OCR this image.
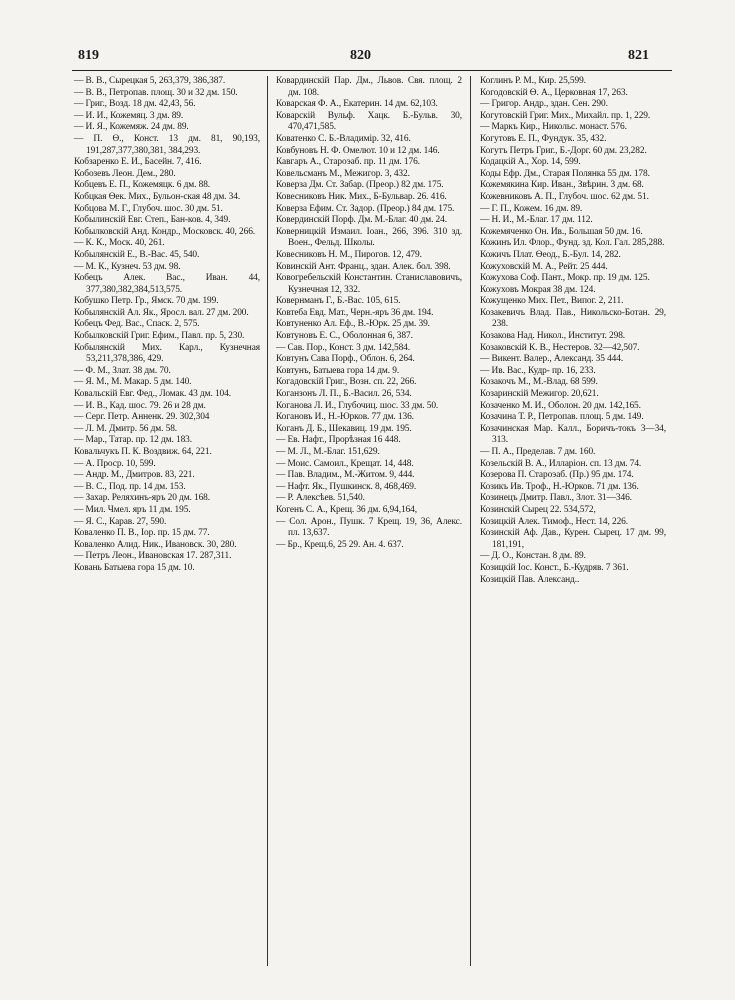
819	820	821

— В. В., Сырецкая 5, 263,379, 386,387.

— В. В., Петропав. площ. 30 и 32 дм. 150.

— Григ., Возд. 18 дм. 42,43, 56.

— И. И., Кожемяц. 3 дм. 89.

— И. Я., Кожемяж. 24 дм. 89.

— П. Ѳ., Конст. 13 дм. 81, 90,193, 191,287,377,380,381, 384,293.

Кобзаренко Е. И., Басейн. 7, 416.

Кобозевъ Леон. Дем., 280.

Кобцевъ Е. П., Кожемяцк. 6 дм. 88.

Кобцкая Ѳек. Мих., Бульон-ская 48 дм. 34.

Кобцова М. Г., Глубоч. шос. 30 дм. 51.

Кобылинскій Евг. Степ., Бан-ков. 4, 349.

Кобылковскій Анд. Кондр., Московск. 40, 266.

— К. К., Моск. 40, 261.

Кобылянскій Е., В.-Вас. 45, 540.

— М. К., Кузнеч. 53 дм. 98.

Кобецъ Алек. Вас., Иван. 44, 377,380,382,384,513,575.

Кобушко Петр. Гр., Ямск. 70 дм. 199.

Кобылянскій Ал. Як., Яросл. вал. 27 дм. 200.

Кобецъ Фед. Вас., Спаск. 2, 575.

Кобылковскій Григ. Ефим., Павл. пр. 5, 230.

Кобылянскій Мих. Карл., Кузнечная 53,211,378,386, 429.

— Ф. М., Злат. 38 дм. 70.

— Я. М., М. Макар. 5 дм. 140.

Ковальскій Евг. Фед., Ломак. 43 дм. 104.

— И. В., Кад. шос. 79. 26 и 28 дм.

— Серг. Петр. Анненк. 29. 302,304

— Л. М. Дмитр. 56 дм. 58.

— Мар., Татар. пр. 12 дм. 183.

Ковальчукъ П. К. Воздвиж. 64, 221.

— А. Проср. 10, 599.

— Андр. М., Дмитров. 83, 221.

— В. С., Под. пр. 14 дм. 153.

— Захар. Реляхинъ-яръ 20 дм. 168.

— Мил. Чмел. яръ 11 дм. 195.

— Я. С., Карав. 27, 590.

Коваленко П. В., Іор. пр. 15 дм. 77.

Коваленко Алид. Ник., Ивановск. 30, 280.

— Петръ Леон., Ивановская 17. 287,311.

Ковань Батыева гора 15 дм. 10.

Ковардинскій Пар. Дм., Львов. Свя. площ. 2 дм. 108.

Коварская Ф. А., Екатерин. 14 дм. 62,103.

Коварскій Вульф. Хацк. Б.-Бульв. 30, 470,471,585.

Коватенко С. Б.-Владимір. 32, 416.

Ковбуновъ Н. Ф. Омелют. 10 и 12 дм. 146.

Кавгаръ А., Староэаб. пр. 11 дм. 176.

Ковельсманъ М., Межигор. 3, 432.

Коверза Дм. Ст. Забар. (Преор.) 82 дм. 175.

Ковесниковъ Ник. Мих., Б-Бульвар. 26. 416.

Коверза Ефим. Ст. Задор. (Преор.) 84 дм. 175.

Ковердинскій Порф. Дм. М.-Благ. 40 дм. 24.

Коверницкій Измаил. Іоан., 266, 396. 310 зд. Воен., Фельд. Школы.

Ковесниковъ Н. М., Пирогов. 12, 479.

Ковинскій Ант. Франц., здан. Алек. бол. 398.

Ковогребельскій Константин. Станиславовичъ, Кузнечная 12, 332.

Ковернманъ Г., Б.-Вас. 105, 615.

Ковтеба Евд. Мат., Черн.-яръ 36 дм. 194.

Ковтуненко Ал. Еф., В.-Юрк. 25 дм. 39.

Ковтуновъ Е. С., Оболонная 6, 387.

— Сав. Пор., Конст. 3 дм. 142,584.

Ковтунъ Сава Порф., Облон. 6, 264.

Ковтунъ, Батыева гора 14 дм. 9.

Когадовскій Григ., Возн. сп. 22, 266.

Коганзонъ Л. П., Б.-Васил. 26, 534.

Коганова Л. И., Глубочиц. шос. 33 дм. 50.

Когановъ И., Н.-Юрков. 77 дм. 136.

Коганъ Д. Б., Шекавиц. 19 дм. 195.

— Ев. Нафт., Прорѣзная 16 448.

— М. Л., М.-Благ. 151,629.

— Моис. Самоил., Крещат. 14, 448.

— Пав. Владим., М.-Житом. 9, 444.

— Нафт. Як., Пушкинск. 8, 468,469.

— Р. Алексѣев. 51,540.

Когенъ С. А., Крещ. 36 дм. 6,94,164,

— Сол. Арон., Пушк. 7 Крещ. 19, 36, Алекс. пл. 13,637.

— Бр., Крещ.6, 25 29. Ан. 4. 637.

Коглинъ Р. М., Кир. 25,599.

Когодовскій Ѳ. А., Церковная 17, 263.

— Григор. Андр., здан. Сен. 290.

Когутовскій Григ. Мих., Михайл. пр. 1, 229.

— Маркъ Кир., Никольс. монаст. 576.

Когутовъ Е. П., Фундук. 35, 432.

Когутъ Петръ Григ., Б.-Дорг. 60 дм. 23,282.

Кодацкій А., Хор. 14, 599.

Коды Ефр. Дм., Старая Полянка 55 дм. 178.

Кожемякина Кир. Иван., Звѣрин. 3 дм. 68.

Кожевниковъ А. П., Глубоч. шос. 62 дм. 51.

— Г. П., Кожем. 16 дм. 89.

— Н. И., М.-Благ. 17 дм. 112.

Кожемяченко Он. Ив., Большая 50 дм. 16.

Кожинъ Ил. Флор., Фунд. зд. Кол. Гал. 285,288.

Кожичъ Плат. Ѳеод., Б.-Бул. 14, 282.

Кожуховскій М. А., Рейт. 25 444.

Кожухова Соф. Пант., Мокр. пр. 19 дм. 125.

Кожуховъ Мокрая 38 дм. 124.

Кожущенко Мих. Пет., Випог. 2, 211.

Козакевичъ Влад. Пав., Никольско-Ботан. 29, 238.

Козакова Над. Никол., Институт. 298.

Козаковскій К. В., Нестеров. 32—42,507.

— Викент. Валер., Александ. 35 444.

— Ив. Вас., Кудр- пр. 16, 233.

Козакочъ М., М.-Влад. 68 599.

Козаринскій Межигор. 20,621.

Козаченко М. И., Оболон. 20 дм. 142,165.

Козачина Т. Р., Петропав. площ. 5 дм. 149.

Козачинская Мар. Калл., Боричъ-токъ 3—34, 313.

— П. А., Пределав. 7 дм. 160.

Козельскій В. А., Илларіон. сп. 13 дм. 74.

Козерова П. Староэаб. (Пр.) 95 дм. 174.

Козикъ Ив. Троф., Н.-Юрков. 71 дм. 136.

Козинецъ Дмитр. Павл., Злот. 31—346.

Козинскій Сырец 22. 534,572,

Козицкій Алек. Тимоф., Нест. 14, 226.

Козинскій Аф. Дав., Курен. Сырец. 17 дм. 99, 181,191,

— Д. О., Констан. 8 дм. 89.

Козицкій Іос. Конст., Б.-Кудряв. 7 361.

Козицкій Пав. Александ..
